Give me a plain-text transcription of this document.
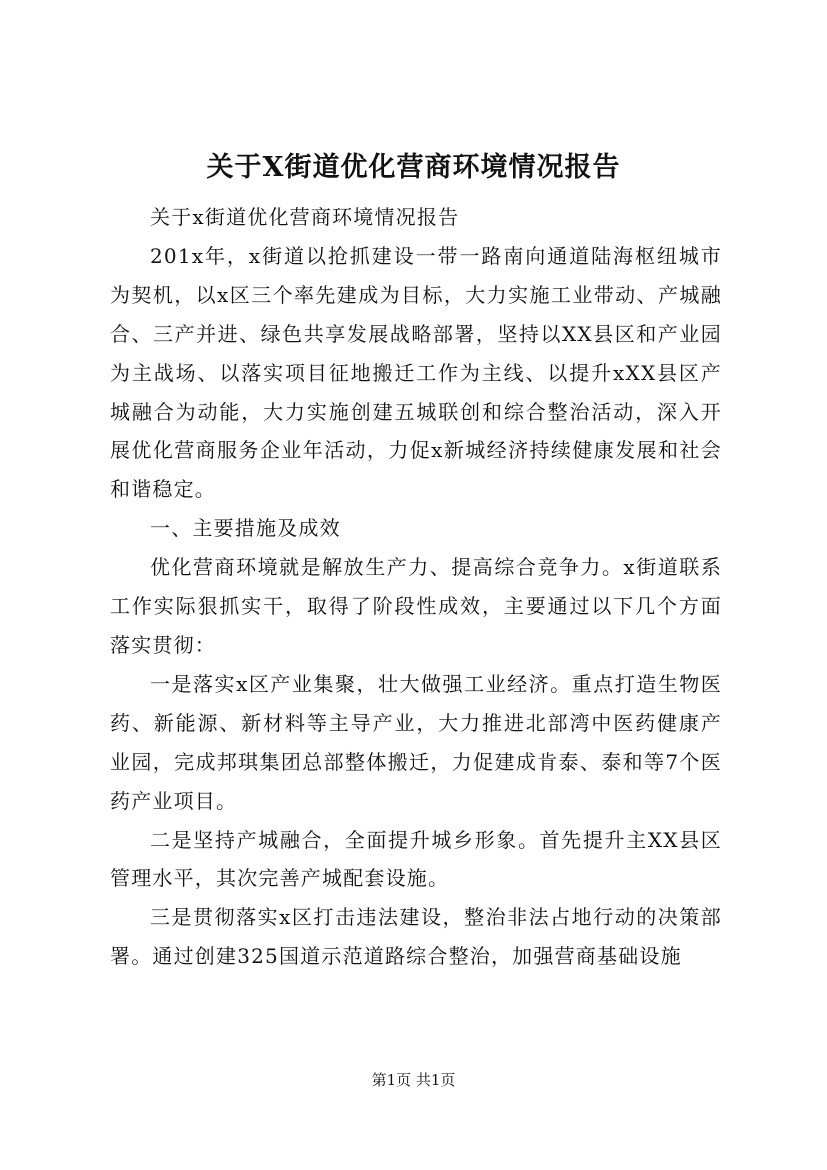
关于X街道优化营商环境情况报告

关于x街道优化营商环境情况报告

201x年，x街道以抢抓建设一带一路南向通道陆海枢纽城市为契机，以x区三个率先建成为目标，大力实施工业带动、产城融合、三产并进、绿色共享发展战略部署，坚持以XX县区和产业园为主战场、以落实项目征地搬迁工作为主线、以提升xXX县区产城融合为动能，大力实施创建五城联创和综合整治活动，深入开展优化营商服务企业年活动，力促x新城经济持续健康发展和社会和谐稳定。

一、主要措施及成效

优化营商环境就是解放生产力、提高综合竞争力。x街道联系工作实际狠抓实干，取得了阶段性成效，主要通过以下几个方面落实贯彻：

一是落实x区产业集聚，壮大做强工业经济。重点打造生物医药、新能源、新材料等主导产业，大力推进北部湾中医药健康产业园，完成邦琪集团总部整体搬迁，力促建成肯泰、泰和等7个医药产业项目。

二是坚持产城融合，全面提升城乡形象。首先提升主XX县区管理水平，其次完善产城配套设施。

三是贯彻落实x区打击违法建设，整治非法占地行动的决策部署。通过创建325国道示范道路综合整治，加强营商基础设施

第1页 共1页
